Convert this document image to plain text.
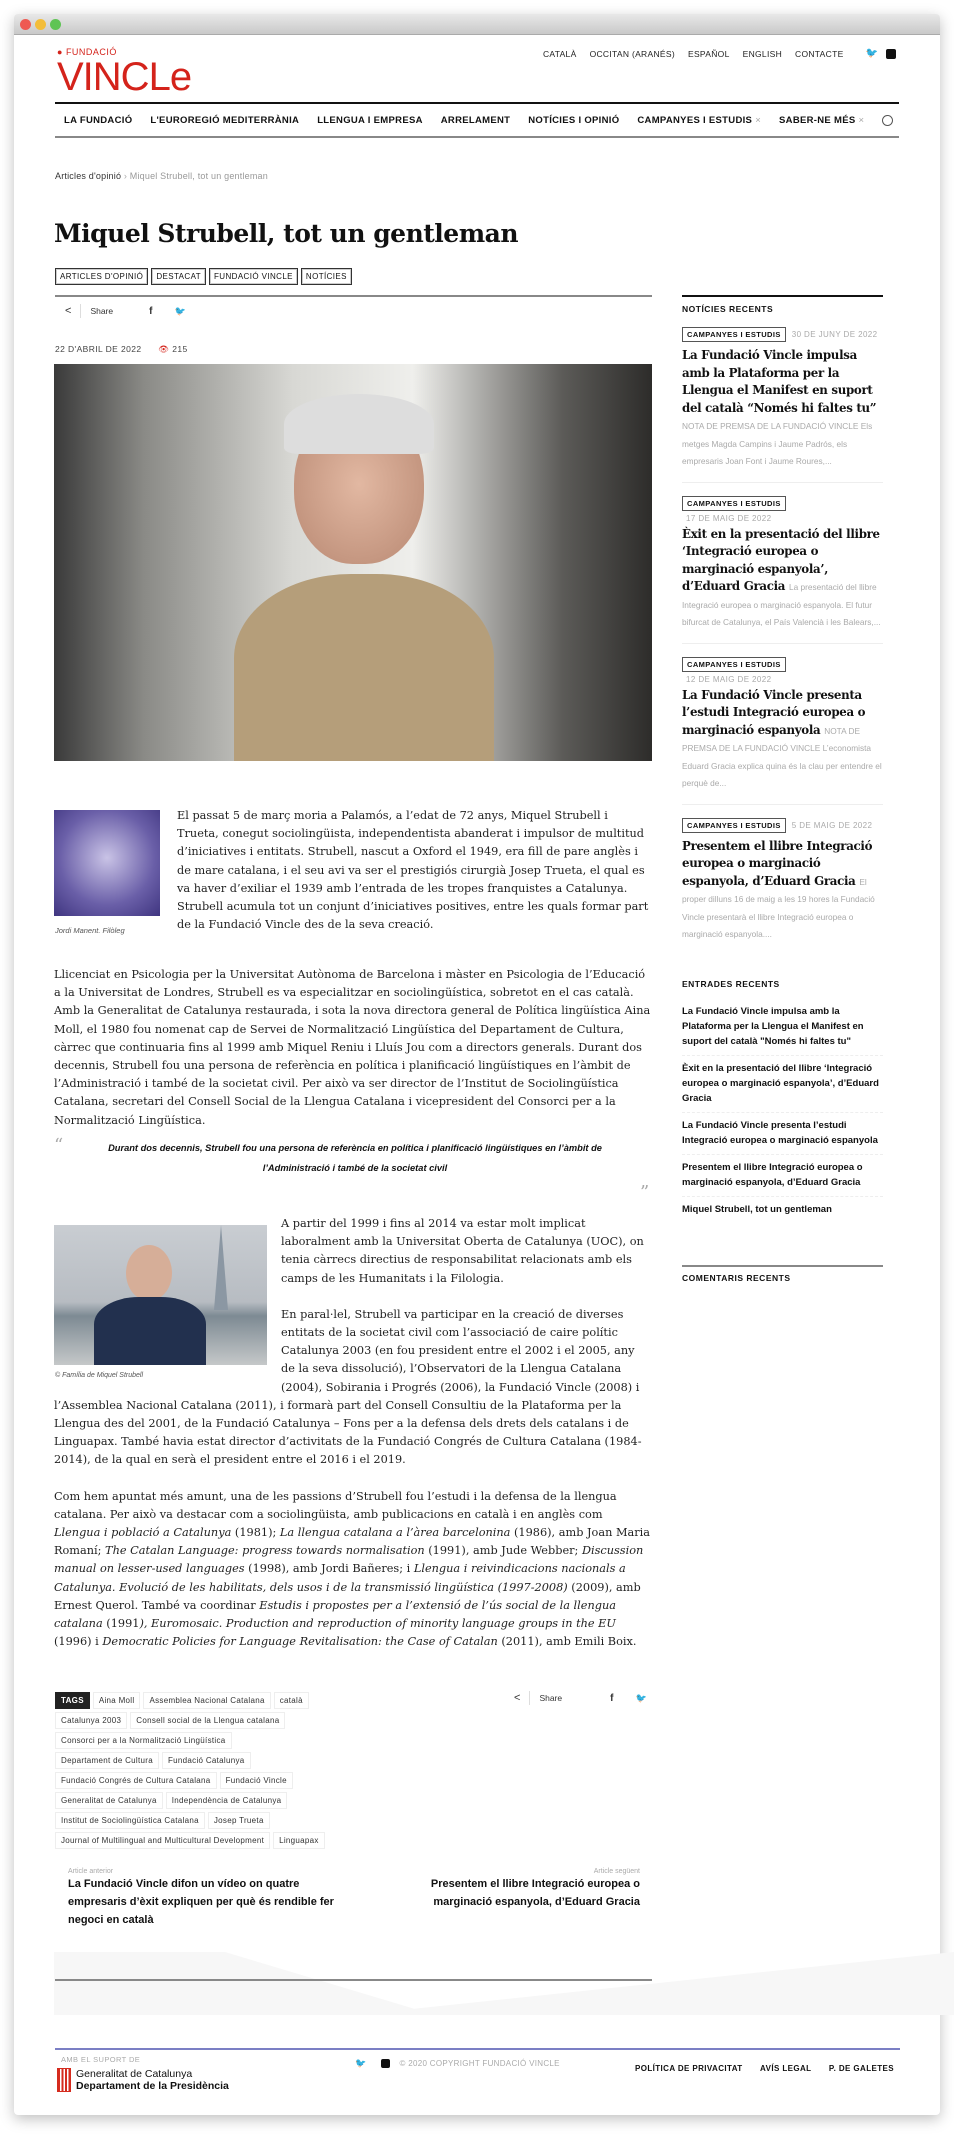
● FUNDACIÓ
VINCLe
CATALÀ OCCITAN (ARANÉS) ESPAÑOL ENGLISH CONTACTE 🐦
LA FUNDACIÓ L'EUROREGIÓ MEDITERRÀNIA LLENGUA I EMPRESA ARRELAMENT NOTÍCIES I OPINIÓ CAMPANYES I ESTUDIS × SABER-NE MÉS ×
Articles d'opinió › Miquel Strubell, tot un gentleman
Miquel Strubell, tot un gentleman
ARTICLES D'OPINIÓ DESTACAT FUNDACIÓ VINCLE NOTÍCIES
< Share	f 🐦
22 D'ABRIL DE 2022 👁 215
Jordi Manent. Filòleg

El passat 5 de març moria a Palamós, a l’edat de 72 anys, Miquel Strubell i Trueta, conegut sociolingüista, independentista abanderat i impulsor de multitud d’iniciatives i entitats. Strubell, nascut a Oxford el 1949, era fill de pare anglès i de mare catalana, i el seu avi va ser el prestigiós cirurgià Josep Trueta, el qual es va haver d’exiliar el 1939 amb l’entrada de les tropes franquistes a Catalunya. Strubell acumula tot un conjunt d’iniciatives positives, entre les quals formar part de la Fundació Vincle des de la seva creació.

Llicenciat en Psicologia per la Universitat Autònoma de Barcelona i màster en Psicologia de l’Educació a la Universitat de Londres, Strubell es va especialitzar en sociolingüística, sobretot en el cas català. Amb la Generalitat de Catalunya restaurada, i sota la nova directora general de Política lingüística Aina Moll, el 1980 fou nomenat cap de Servei de Normalització Lingüística del Departament de Cultura, càrrec que continuaria fins al 1999 amb Miquel Reniu i Lluís Jou com a directors generals. Durant dos decennis, Strubell fou una persona de referència en política i planificació lingüístiques en l’àmbit de l’Administració i també de la societat civil. Per això va ser director de l’Institut de Sociolingüística Catalana, secretari del Consell Social de la Llengua Catalana i vicepresident del Consorci per a la Normalització Lingüística.

“	Durant dos decennis, Strubell fou una persona de referència en política i planificació lingüístiques en l’àmbit de l’Administració i també de la societat civil
”
© Família de Miquel Strubell

A partir del 1999 i fins al 2014 va estar molt implicat laboralment amb la Universitat Oberta de Catalunya (UOC), on tenia càrrecs directius de responsabilitat relacionats amb els camps de les Humanitats i la Filologia.

En paral·lel, Strubell va participar en la creació de diverses entitats de la societat civil com l’associació de caire polític Catalunya 2003 (en fou president entre el 2002 i el 2005, any de la seva dissolució), l’Observatori de la Llengua Catalana (2004), Sobirania i Progrés (2006), la Fundació Vincle (2008) i l’Assemblea Nacional Catalana (2011), i formarà part del Consell Consultiu de la Plataforma per la Llengua des del 2001, de la Fundació Catalunya – Fons per a la defensa dels drets dels catalans i de Linguapax. També havia estat director d’activitats de la Fundació Congrés de Cultura Catalana (1984-2014), de la qual en serà el president entre el 2016 i el 2019.

Com hem apuntat més amunt, una de les passions d’Strubell fou l’estudi i la defensa de la llengua catalana. Per això va destacar com a sociolingüista, amb publicacions en català i en anglès com Llengua i població a Catalunya (1981); La llengua catalana a l’àrea barcelonina (1986), amb Joan Maria Romaní; The Catalan Language: progress towards normalisation (1991), amb Jude Webber; Discussion manual on lesser-used languages (1998), amb Jordi Bañeres; i Llengua i reivindicacions nacionals a Catalunya. Evolució de les habilitats, dels usos i de la transmissió lingüística (1997-2008) (2009), amb Ernest Querol. També va coordinar Estudis i propostes per a l’extensió de l’ús social de la llengua catalana (1991), Euromosaic. Production and reproduction of minority language groups in the EU (1996) i Democratic Policies for Language Revitalisation: the Case of Catalan (2011), amb Emili Boix.

TAGS	Aina Moll	Assemblea Nacional Catalana	català
Catalunya 2003	Consell social de la Llengua catalana
Consorci per a la Normalització Lingüística
Departament de Cultura	Fundació Catalunya
Fundació Congrés de Cultura Catalana	Fundació Vincle
Generalitat de Catalunya	Independència de Catalunya
Institut de Sociolingüística Catalana	Josep Trueta
Journal of Multilingual and Multicultural Development	Linguapax
< Share	f 🐦
Article anterior
La Fundació Vincle difon un vídeo on quatre empresaris d’èxit expliquen per què és rendible fer negoci en català
Article següent
Presentem el llibre Integració europea o marginació espanyola, d’Eduard Gracia
NOTÍCIES RECENTS
CAMPANYES I ESTUDIS 30 DE JUNY DE 2022
La Fundació Vincle impulsa amb la Plataforma per la Llengua el Manifest en suport del català “Només hi faltes tu” NOTA DE PREMSA DE LA FUNDACIÓ VINCLE Els metges Magda Campins i Jaume Padrós, els empresaris Joan Font i Jaume Roures,...
CAMPANYES I ESTUDIS
17 DE MAIG DE 2022
Èxit en la presentació del llibre ‘Integració europea o marginació espanyola’, d’Eduard Gracia La presentació del llibre Integració europea o marginació espanyola. El futur bifurcat de Catalunya, el País Valencià i les Balears,...
CAMPANYES I ESTUDIS
12 DE MAIG DE 2022
La Fundació Vincle presenta l’estudi Integració europea o marginació espanyola NOTA DE PREMSA DE LA FUNDACIÓ VINCLE L’economista Eduard Gracia explica quina és la clau per entendre el perquè de...
CAMPANYES I ESTUDIS 5 DE MAIG DE 2022
Presentem el llibre Integració europea o marginació espanyola, d’Eduard Gracia El proper dilluns 16 de maig a les 19 hores la Fundació Vincle presentarà el llibre Integració europea o marginació espanyola....
ENTRADES RECENTS
La Fundació Vincle impulsa amb la Plataforma per la Llengua el Manifest en suport del català "Només hi faltes tu"
Èxit en la presentació del llibre ‘Integració europea o marginació espanyola’, d’Eduard Gracia
La Fundació Vincle presenta l’estudi Integració europea o marginació espanyola
Presentem el llibre Integració europea o marginació espanyola, d’Eduard Gracia
Miquel Strubell, tot un gentleman
COMENTARIS RECENTS
AMB EL SUPORT DE
Generalitat de Catalunya
Departament de la Presidència
🐦	© 2020 COPYRIGHT FUNDACIÓ VINCLE
POLÍTICA DE PRIVACITAT AVÍS LEGAL P. DE GALETES
